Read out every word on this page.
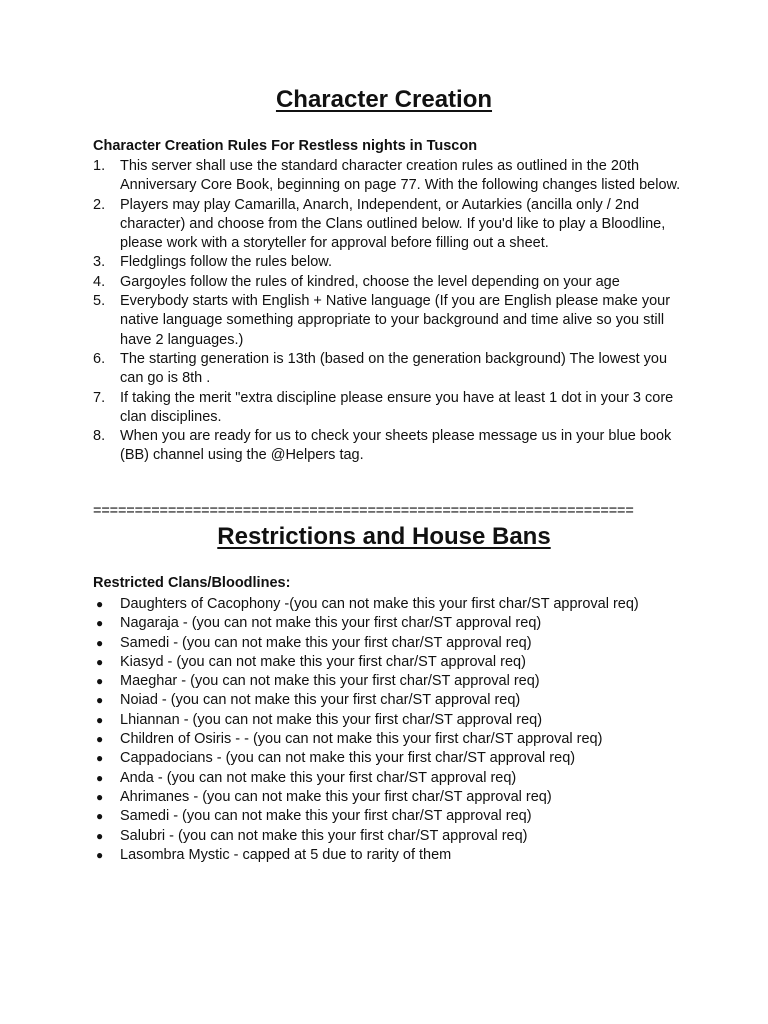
Character Creation
Character Creation Rules For Restless nights in Tuscon
1. This server shall use the standard character creation rules as outlined in the 20th Anniversary Core Book, beginning on page 77. With the following changes listed below.
2. Players may play Camarilla, Anarch, Independent, or Autarkies (ancilla only / 2nd character) and choose from the Clans outlined below. If you'd like to play a Bloodline, please work with a storyteller for approval before filling out a sheet.
3. Fledglings follow the rules below.
4. Gargoyles follow the rules of kindred, choose the level depending on your age
5. Everybody starts with English + Native language (If you are English please make your native language something appropriate to your background and time alive so you still have 2 languages.)
6. The starting generation is 13th (based on the generation background) The lowest you can go is 8th .
7. If taking the merit "extra discipline please ensure you have at least 1 dot in your 3 core clan disciplines.
8. When you are ready for us to check your sheets please message us in your blue book (BB) channel using the @Helpers tag.
=================================================================
Restrictions and House Bans
Restricted Clans/Bloodlines:
● Daughters of Cacophony -(you can not make this your first char/ST approval req)
● Nagaraja - (you can not make this your first char/ST approval req)
● Samedi - (you can not make this your first char/ST approval req)
● Kiasyd - (you can not make this your first char/ST approval req)
● Maeghar - (you can not make this your first char/ST approval req)
● Noiad - (you can not make this your first char/ST approval req)
● Lhiannan - (you can not make this your first char/ST approval req)
● Children of Osiris - - (you can not make this your first char/ST approval req)
● Cappadocians - (you can not make this your first char/ST approval req)
● Anda - (you can not make this your first char/ST approval req)
● Ahrimanes - (you can not make this your first char/ST approval req)
● Samedi - (you can not make this your first char/ST approval req)
● Salubri - (you can not make this your first char/ST approval req)
● Lasombra Mystic - capped at 5 due to rarity of them
